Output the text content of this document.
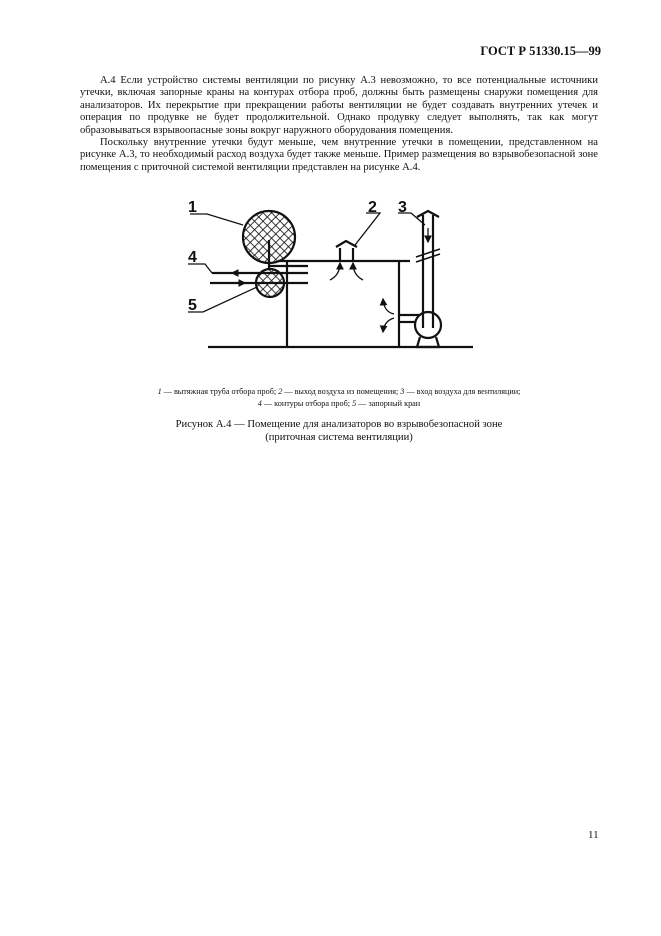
ГОСТ Р 51330.15—99

А.4 Если устройство системы вентиляции по рисунку А.3 невозможно, то все потенциальные источники утечки, включая запорные краны на контурах отбора проб, должны быть размещены снаружи помещения для анализаторов. Их перекрытие при прекращении работы вентиляции не будет создавать внутренних утечек и операция по продувке не будет продолжительной. Однако продувку следует выполнять, так как могут образовываться взрывоопасные зоны вокруг наружного оборудования помещения.

Поскольку внутренние утечки будут меньше, чем внутренние утечки в помещении, представленном на рисунке А.3, то необходимый расход воздуха будет также меньше. Пример размещения во взрывобезопасной зоне помещения с приточной системой вентиляции представлен на рисунке А.4.

1	2 3
4
5
1 — вытяжная труба отбора проб; 2 — выход воздуха из помещения; 3 — вход воздуха для вентиляции;
4 — контуры отбора проб; 5 — запорный кран
Рисунок А.4 — Помещение для анализаторов во взрывобезопасной зоне
(приточная система вентиляции)
11
